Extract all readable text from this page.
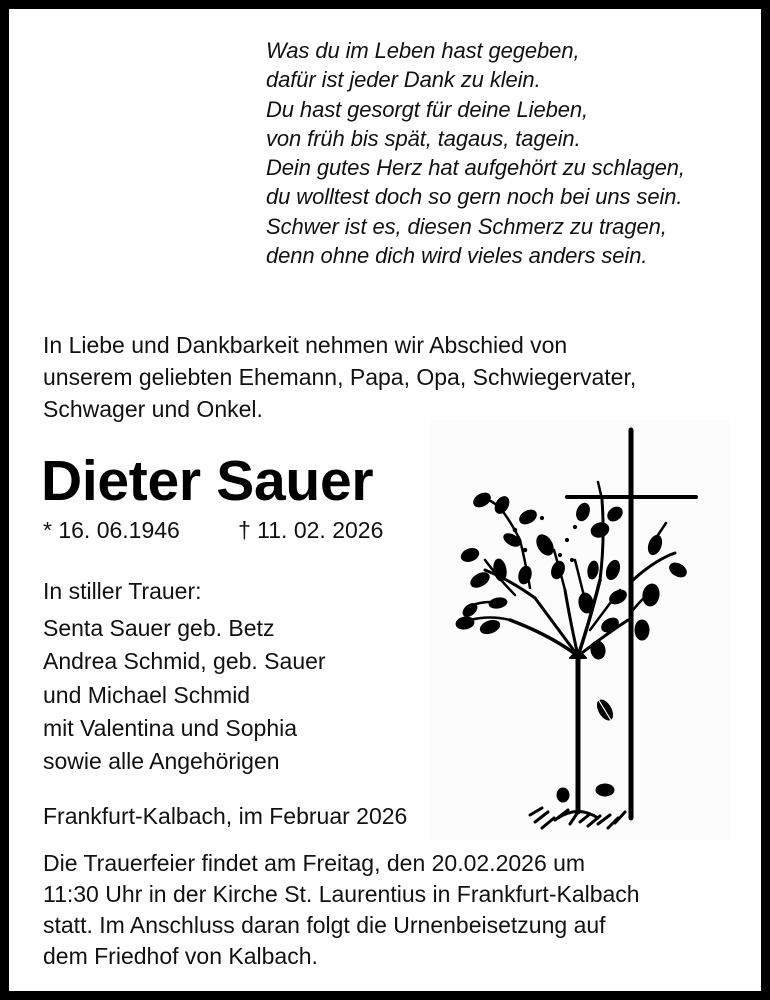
Was du im Leben hast gegeben,
dafür ist jeder Dank zu klein.
Du hast gesorgt für deine Lieben,
von früh bis spät, tagaus, tagein.
Dein gutes Herz hat aufgehört zu schlagen,
du wolltest doch so gern noch bei uns sein.
Schwer ist es, diesen Schmerz zu tragen,
denn ohne dich wird vieles anders sein.
In Liebe und Dankbarkeit nehmen wir Abschied von
unserem geliebten Ehemann, Papa, Opa, Schwiegervater,
Schwager und Onkel.
Dieter Sauer
* 16. 06.1946	† 11. 02. 2026
In stiller Trauer:
Senta Sauer geb. Betz
Andrea Schmid, geb. Sauer
und Michael Schmid
mit Valentina und Sophia
sowie alle Angehörigen
Frankfurt-Kalbach, im Februar 2026
Die Trauerfeier findet am Freitag, den 20.02.2026 um
11:30 Uhr in der Kirche St. Laurentius in Frankfurt-Kalbach
statt. Im Anschluss daran folgt die Urnenbeisetzung auf
dem Friedhof von Kalbach.
